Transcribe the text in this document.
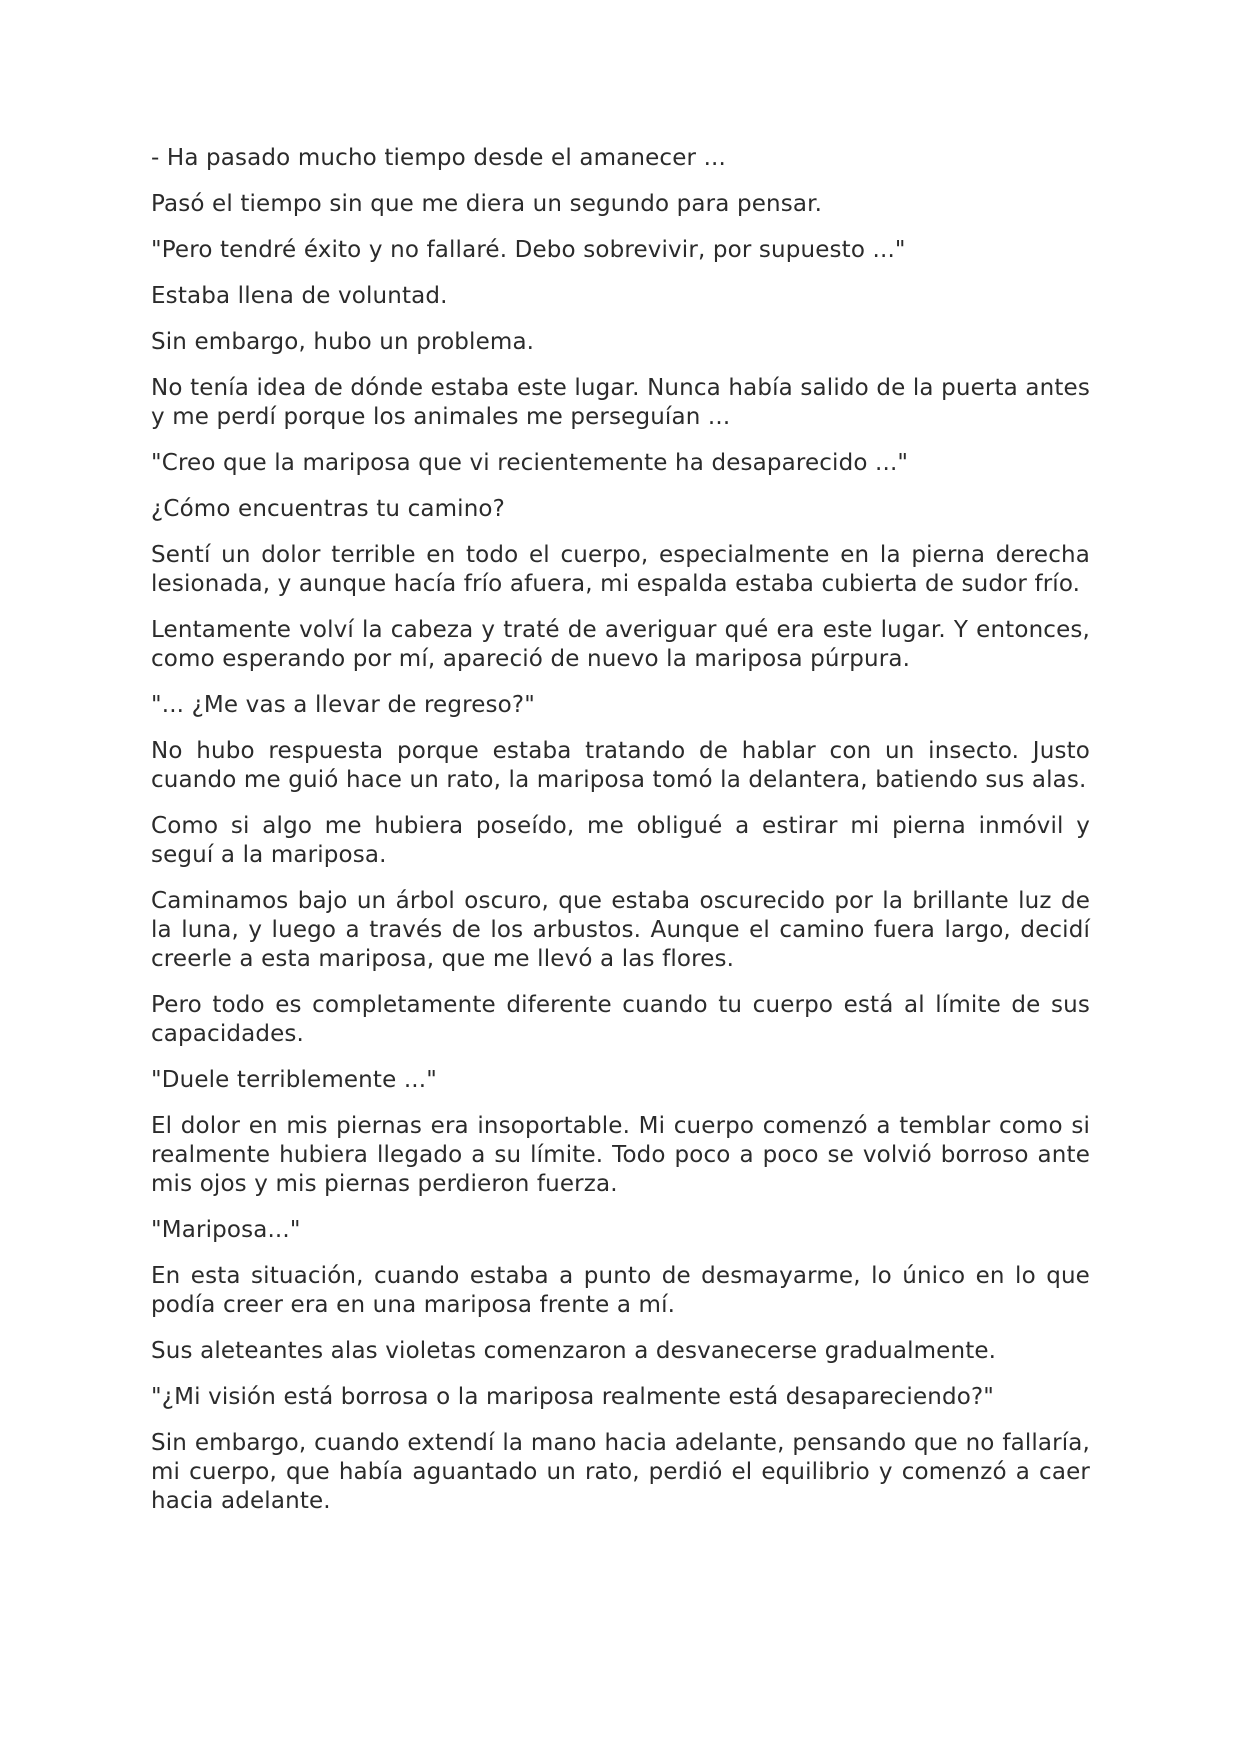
- Ha pasado mucho tiempo desde el amanecer ...

Pasó el tiempo sin que me diera un segundo para pensar.

"Pero tendré éxito y no fallaré. Debo sobrevivir, por supuesto ..."

Estaba llena de voluntad.

Sin embargo, hubo un problema.

No tenía idea de dónde estaba este lugar. Nunca había salido de la puerta antes y me perdí porque los animales me perseguían ...

"Creo que la mariposa que vi recientemente ha desaparecido ..."

¿Cómo encuentras tu camino?

Sentí un dolor terrible en todo el cuerpo, especialmente en la pierna derecha lesionada, y aunque hacía frío afuera, mi espalda estaba cubierta de sudor frío.

Lentamente volví la cabeza y traté de averiguar qué era este lugar. Y entonces, como esperando por mí, apareció de nuevo la mariposa púrpura.

"... ¿Me vas a llevar de regreso?"

No hubo respuesta porque estaba tratando de hablar con un insecto. Justo cuando me guió hace un rato, la mariposa tomó la delantera, batiendo sus alas.

Como si algo me hubiera poseído, me obligué a estirar mi pierna inmóvil y seguí a la mariposa.

Caminamos bajo un árbol oscuro, que estaba oscurecido por la brillante luz de la luna, y luego a través de los arbustos. Aunque el camino fuera largo, decidí creerle a esta mariposa, que me llevó a las flores.

Pero todo es completamente diferente cuando tu cuerpo está al límite de sus capacidades.

"Duele terriblemente ..."

El dolor en mis piernas era insoportable. Mi cuerpo comenzó a temblar como si realmente hubiera llegado a su límite. Todo poco a poco se volvió borroso ante mis ojos y mis piernas perdieron fuerza.

"Mariposa..."

En esta situación, cuando estaba a punto de desmayarme, lo único en lo que podía creer era en una mariposa frente a mí.

Sus aleteantes alas violetas comenzaron a desvanecerse gradualmente.

"¿Mi visión está borrosa o la mariposa realmente está desapareciendo?"

Sin embargo, cuando extendí la mano hacia adelante, pensando que no fallaría, mi cuerpo, que había aguantado un rato, perdió el equilibrio y comenzó a caer hacia adelante.
